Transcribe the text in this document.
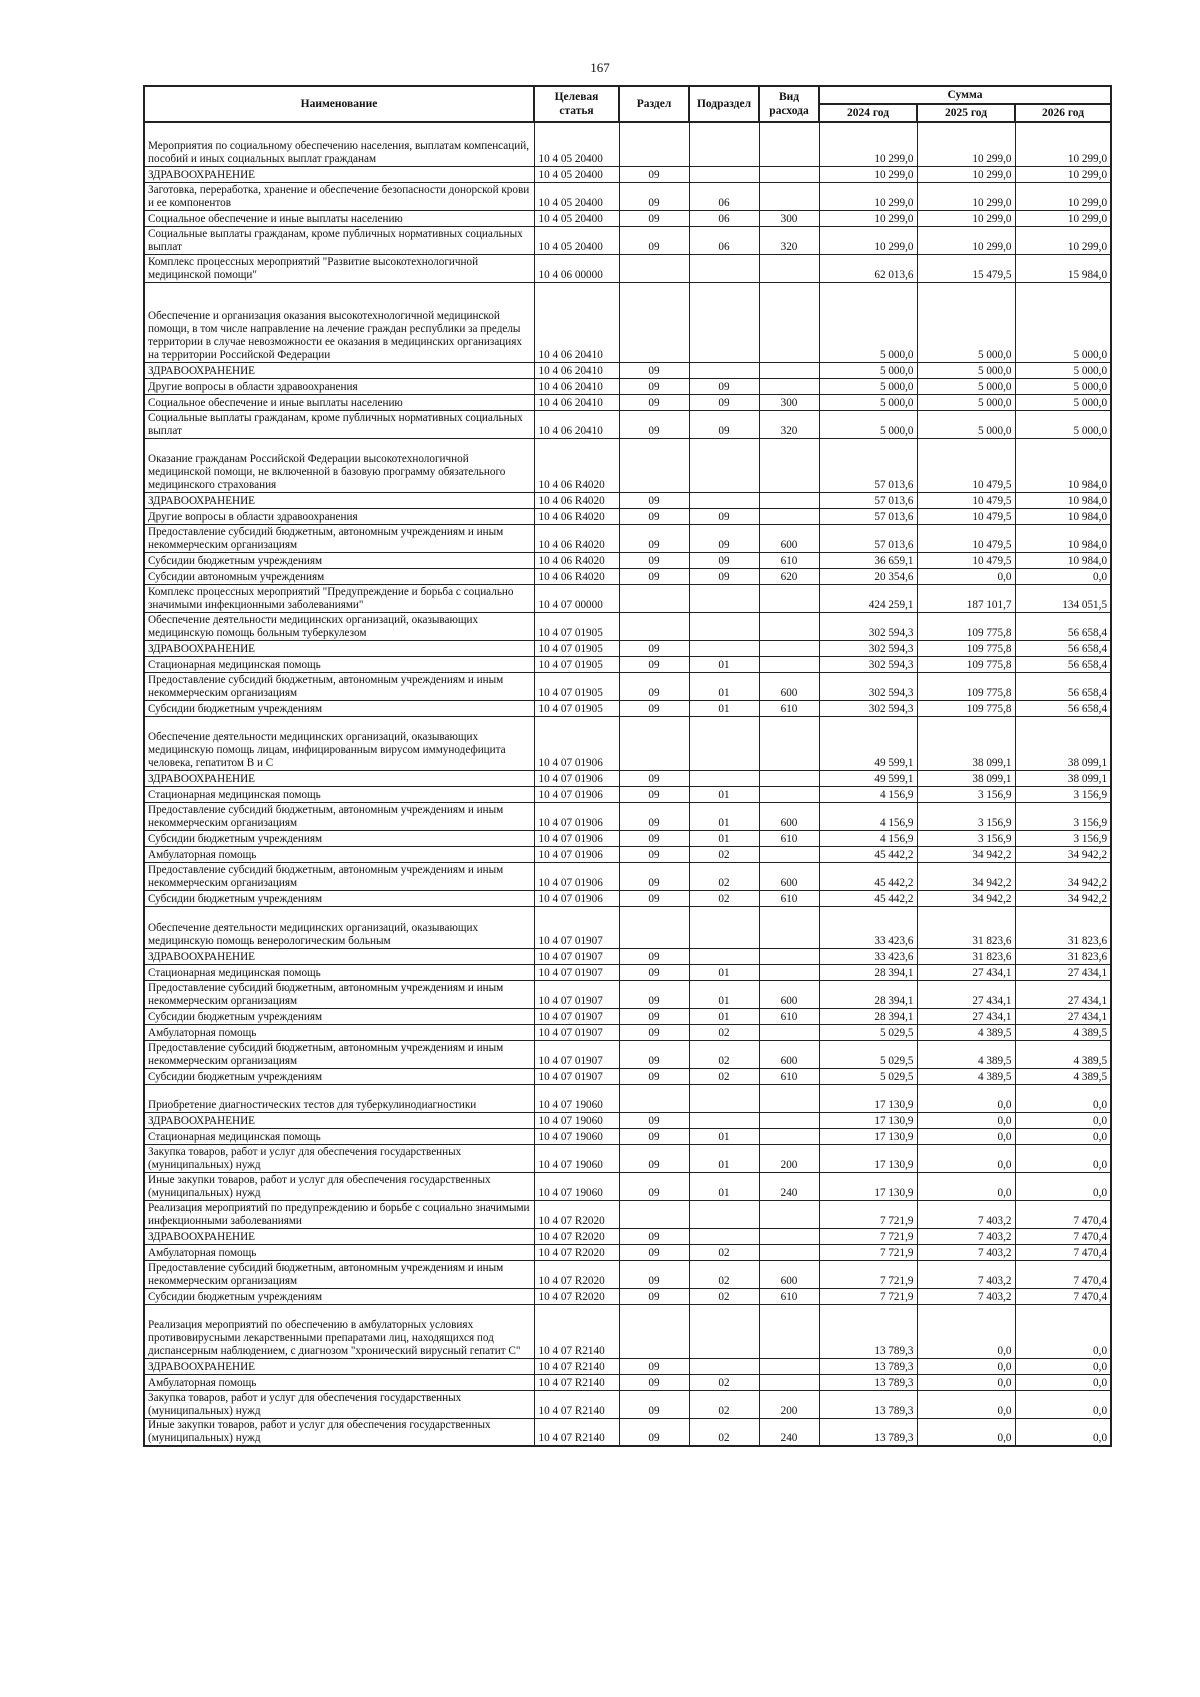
167
Наименование	Целевая статья	Раздел	Подраздел	Вид расхода	Сумма		
					2024 год	2025 год	2026 год
Мероприятия по социальному обеспечению населения, выплатам компенсаций, пособий и иных социальных выплат гражданам	10 4 05 20400				10 299,0	10 299,0	10 299,0
ЗДРАВООХРАНЕНИЕ	10 4 05 20400	09			10 299,0	10 299,0	10 299,0
Заготовка, переработка, хранение и обеспечение безопасности донорской крови и ее компонентов	10 4 05 20400	09	06		10 299,0	10 299,0	10 299,0
Социальное обеспечение и иные выплаты населению	10 4 05 20400	09	06	300	10 299,0	10 299,0	10 299,0
Социальные выплаты гражданам, кроме публичных нормативных социальных выплат	10 4 05 20400	09	06	320	10 299,0	10 299,0	10 299,0
Комплекс процессных мероприятий "Развитие высокотехнологичной медицинской помощи"	10 4 06 00000				62 013,6	15 479,5	15 984,0
Обеспечение и организация оказания высокотехнологичной медицинской помощи, в том числе направление на лечение граждан республики за пределы территории в случае невозможности ее оказания в медицинских организациях на территории Российской Федерации	10 4 06 20410				5 000,0	5 000,0	5 000,0
ЗДРАВООХРАНЕНИЕ	10 4 06 20410	09			5 000,0	5 000,0	5 000,0
Другие вопросы в области здравоохранения	10 4 06 20410	09	09		5 000,0	5 000,0	5 000,0
Социальное обеспечение и иные выплаты населению	10 4 06 20410	09	09	300	5 000,0	5 000,0	5 000,0
Социальные выплаты гражданам, кроме публичных нормативных социальных выплат	10 4 06 20410	09	09	320	5 000,0	5 000,0	5 000,0
Оказание гражданам Российской Федерации высокотехнологичной медицинской помощи, не включенной в базовую программу обязательного медицинского страхования	10 4 06 R4020				57 013,6	10 479,5	10 984,0
ЗДРАВООХРАНЕНИЕ	10 4 06 R4020	09			57 013,6	10 479,5	10 984,0
Другие вопросы в области здравоохранения	10 4 06 R4020	09	09		57 013,6	10 479,5	10 984,0
Предоставление субсидий бюджетным, автономным учреждениям и иным некоммерческим организациям	10 4 06 R4020	09	09	600	57 013,6	10 479,5	10 984,0
Субсидии бюджетным учреждениям	10 4 06 R4020	09	09	610	36 659,1	10 479,5	10 984,0
Субсидии автономным учреждениям	10 4 06 R4020	09	09	620	20 354,6	0,0	0,0
Комплекс процессных мероприятий "Предупреждение и борьба с социально значимыми инфекционными заболеваниями"	10 4 07 00000				424 259,1	187 101,7	134 051,5
Обеспечение деятельности медицинских организаций, оказывающих медицинскую помощь больным туберкулезом	10 4 07 01905				302 594,3	109 775,8	56 658,4
ЗДРАВООХРАНЕНИЕ	10 4 07 01905	09			302 594,3	109 775,8	56 658,4
Стационарная медицинская помощь	10 4 07 01905	09	01		302 594,3	109 775,8	56 658,4
Предоставление субсидий бюджетным, автономным учреждениям и иным некоммерческим организациям	10 4 07 01905	09	01	600	302 594,3	109 775,8	56 658,4
Субсидии бюджетным учреждениям	10 4 07 01905	09	01	610	302 594,3	109 775,8	56 658,4
Обеспечение деятельности медицинских организаций, оказывающих медицинскую помощь лицам, инфицированным вирусом иммунодефицита человека, гепатитом В и С	10 4 07 01906				49 599,1	38 099,1	38 099,1
ЗДРАВООХРАНЕНИЕ	10 4 07 01906	09			49 599,1	38 099,1	38 099,1
Стационарная медицинская помощь	10 4 07 01906	09	01		4 156,9	3 156,9	3 156,9
Предоставление субсидий бюджетным, автономным учреждениям и иным некоммерческим организациям	10 4 07 01906	09	01	600	4 156,9	3 156,9	3 156,9
Субсидии бюджетным учреждениям	10 4 07 01906	09	01	610	4 156,9	3 156,9	3 156,9
Амбулаторная помощь	10 4 07 01906	09	02		45 442,2	34 942,2	34 942,2
Предоставление субсидий бюджетным, автономным учреждениям и иным некоммерческим организациям	10 4 07 01906	09	02	600	45 442,2	34 942,2	34 942,2
Субсидии бюджетным учреждениям	10 4 07 01906	09	02	610	45 442,2	34 942,2	34 942,2
Обеспечение деятельности медицинских организаций, оказывающих медицинскую помощь венерологическим больным	10 4 07 01907				33 423,6	31 823,6	31 823,6
ЗДРАВООХРАНЕНИЕ	10 4 07 01907	09			33 423,6	31 823,6	31 823,6
Стационарная медицинская помощь	10 4 07 01907	09	01		28 394,1	27 434,1	27 434,1
Предоставление субсидий бюджетным, автономным учреждениям и иным некоммерческим организациям	10 4 07 01907	09	01	600	28 394,1	27 434,1	27 434,1
Субсидии бюджетным учреждениям	10 4 07 01907	09	01	610	28 394,1	27 434,1	27 434,1
Амбулаторная помощь	10 4 07 01907	09	02		5 029,5	4 389,5	4 389,5
Предоставление субсидий бюджетным, автономным учреждениям и иным некоммерческим организациям	10 4 07 01907	09	02	600	5 029,5	4 389,5	4 389,5
Субсидии бюджетным учреждениям	10 4 07 01907	09	02	610	5 029,5	4 389,5	4 389,5
Приобретение диагностических тестов для туберкулинодиагностики	10 4 07 19060				17 130,9	0,0	0,0
ЗДРАВООХРАНЕНИЕ	10 4 07 19060	09			17 130,9	0,0	0,0
Стационарная медицинская помощь	10 4 07 19060	09	01		17 130,9	0,0	0,0
Закупка товаров, работ и услуг для обеспечения государственных (муниципальных) нужд	10 4 07 19060	09	01	200	17 130,9	0,0	0,0
Иные закупки товаров, работ и услуг для обеспечения государственных (муниципальных) нужд	10 4 07 19060	09	01	240	17 130,9	0,0	0,0
Реализация мероприятий по предупреждению и борьбе с социально значимыми инфекционными заболеваниями	10 4 07 R2020				7 721,9	7 403,2	7 470,4
ЗДРАВООХРАНЕНИЕ	10 4 07 R2020	09			7 721,9	7 403,2	7 470,4
Амбулаторная помощь	10 4 07 R2020	09	02		7 721,9	7 403,2	7 470,4
Предоставление субсидий бюджетным, автономным учреждениям и иным некоммерческим организациям	10 4 07 R2020	09	02	600	7 721,9	7 403,2	7 470,4
Субсидии бюджетным учреждениям	10 4 07 R2020	09	02	610	7 721,9	7 403,2	7 470,4
Реализация мероприятий по обеспечению в амбулаторных условиях противовирусными лекарственными препаратами лиц, находящихся под диспансерным наблюдением, с диагнозом "хронический вирусный гепатит С"	10 4 07 R2140				13 789,3	0,0	0,0
ЗДРАВООХРАНЕНИЕ	10 4 07 R2140	09			13 789,3	0,0	0,0
Амбулаторная помощь	10 4 07 R2140	09	02		13 789,3	0,0	0,0
Закупка товаров, работ и услуг для обеспечения государственных (муниципальных) нужд	10 4 07 R2140	09	02	200	13 789,3	0,0	0,0
Иные закупки товаров, работ и услуг для обеспечения государственных (муниципальных) нужд	10 4 07 R2140	09	02	240	13 789,3	0,0	0,0
